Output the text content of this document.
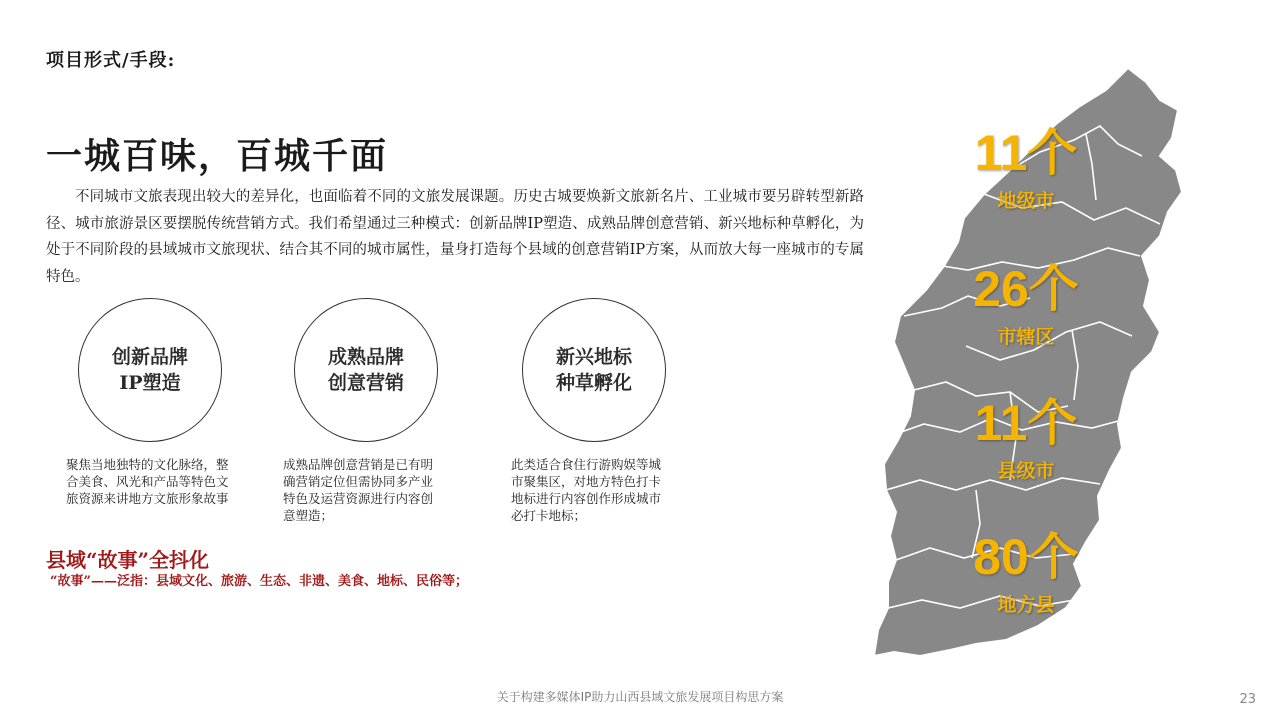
项目形式/手段:
一城百味，百城千面
不同城市文旅表现出较大的差异化，也面临着不同的文旅发展课题。历史古城要焕新文旅新名片、工业城市要另辟转型新路径、城市旅游景区要摆脱传统营销方式。我们希望通过三种模式：创新品牌IP塑造、成熟品牌创意营销、新兴地标种草孵化，为处于不同阶段的县域城市文旅现状、结合其不同的城市属性，量身打造每个县域的创意营销IP方案，从而放大每一座城市的专属特色。
创新品牌
IP塑造
成熟品牌
创意营销
新兴地标
种草孵化
聚焦当地独特的文化脉络，整合美食、风光和产品等特色文旅资源来讲地方文旅形象故事
成熟品牌创意营销是已有明确营销定位但需协同多产业特色及运营资源进行内容创意塑造；
此类适合食住行游购娱等城市聚集区，对地方特色打卡地标进行内容创作形成城市必打卡地标；
县域“故事”全抖化
“故事”——泛指：县域文化、旅游、生态、非遗、美食、地标、民俗等；
11个
地级市
26个
市辖区
11个
县级市
80个
地方县
关于构建多媒体IP助力山西县域文旅发展项目构思方案	23
